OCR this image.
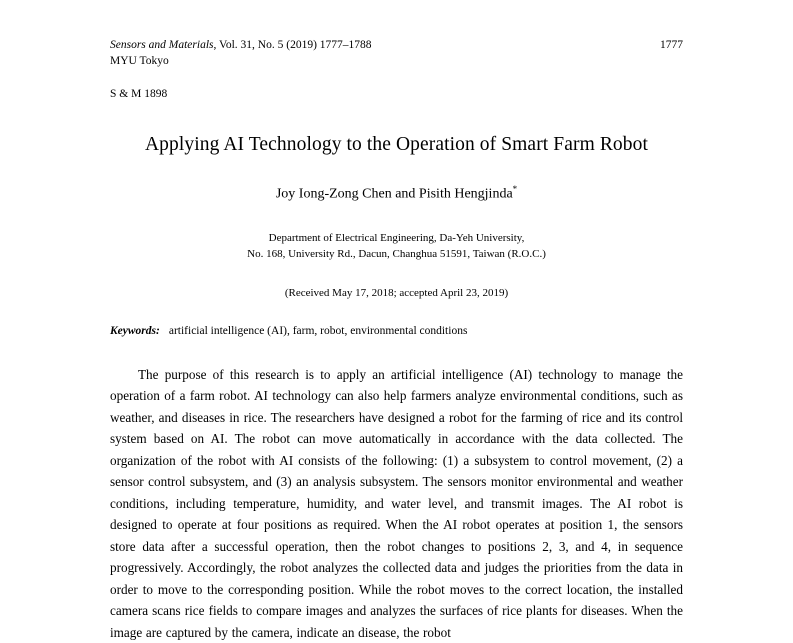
Sensors and Materials, Vol. 31, No. 5 (2019) 1777–1788
MYU Tokyo
1777
S & M 1898
Applying AI Technology to the Operation of Smart Farm Robot
Joy Iong-Zong Chen and Pisith Hengjinda*
Department of Electrical Engineering, Da-Yeh University,
No. 168, University Rd., Dacun, Changhua 51591, Taiwan (R.O.C.)
(Received May 17, 2018; accepted April 23, 2019)
Keywords: artificial intelligence (AI), farm, robot, environmental conditions
The purpose of this research is to apply an artificial intelligence (AI) technology to manage the operation of a farm robot. AI technology can also help farmers analyze environmental conditions, such as weather, and diseases in rice. The researchers have designed a robot for the farming of rice and its control system based on AI. The robot can move automatically in accordance with the data collected. The organization of the robot with AI consists of the following: (1) a subsystem to control movement, (2) a sensor control subsystem, and (3) an analysis subsystem. The sensors monitor environmental and weather conditions, including temperature, humidity, and water level, and transmit images. The AI robot is designed to operate at four positions as required. When the AI robot operates at position 1, the sensors store data after a successful operation, then the robot changes to positions 2, 3, and 4, in sequence progressively. Accordingly, the robot analyzes the collected data and judges the priorities from the data in order to move to the corresponding position. While the robot moves to the correct location, the installed camera scans rice fields to compare images and analyzes the surfaces of rice plants for diseases. When the image are captured by the camera, indicate an disease, the robot
